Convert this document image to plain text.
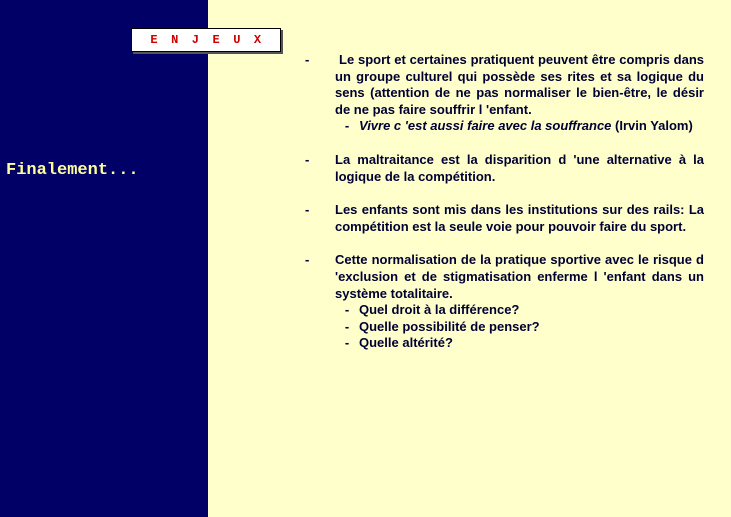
ENJEUX
Finalement...
-	Le sport et certaines pratiquent peuvent être compris dans un groupe culturel qui possède ses rites et sa logique du sens (attention de ne pas normaliser le bien-être, le désir de ne pas faire souffrir l 'enfant.
- Vivre c 'est aussi faire avec la souffrance (Irvin Yalom)
-	La maltraitance est la disparition d 'une alternative à la logique de la compétition.
-	Les enfants sont mis dans les institutions sur des rails: La compétition est la seule voie pour pouvoir faire du sport.
-	Cette normalisation de la pratique sportive avec le risque d 'exclusion et de stigmatisation enferme l 'enfant dans un système totalitaire.
- Quel droit à la différence?
- Quelle possibilité de penser?
- Quelle altérité?
